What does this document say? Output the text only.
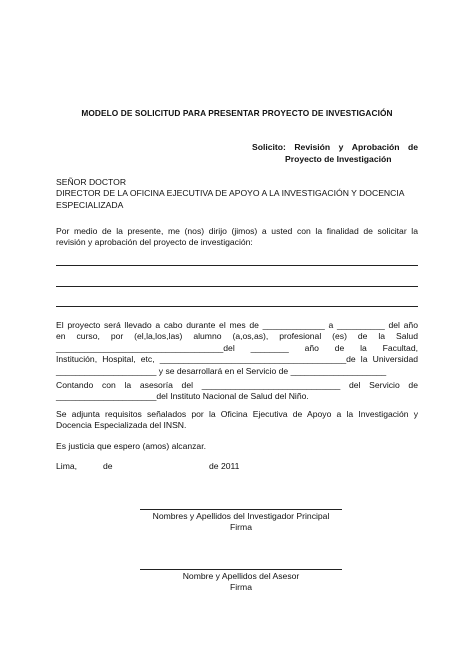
MODELO DE SOLICITUD PARA PRESENTAR PROYECTO DE INVESTIGACIÓN
Solicito: Revisión y Aprobación de
Proyecto de Investigación
SEÑOR DOCTOR
DIRECTOR DE LA OFICINA EJECUTIVA DE APOYO A LA INVESTIGACIÓN Y DOCENCIA
ESPECIALIZADA
Por medio de la presente, me (nos) dirijo (jimos) a usted con la finalidad de solicitar la
revisión y aprobación del proyecto de investigación:
El proyecto será llevado a cabo durante el mes de _____________ a __________ del año
en curso, por (el,la,los,las) alumno (a,os,as), profesional (es) de la Salud
___________________________________del ________ año de la Facultad,
Institución, Hospital, etc, _______________________________________de la Universidad
_____________________ y se desarrollará en el Servicio de ____________________
Contando con la asesoría del _____________________________ del Servicio de
_____________________del Instituto Nacional de Salud del Niño.
Se adjunta requisitos señalados por la Oficina Ejecutiva de Apoyo a la Investigación y
Docencia Especializada del INSN.
Es justicia que espero (amos) alcanzar.
Lima,	de	de 2011
Nombres y Apellidos del Investigador Principal
Firma
Nombre y Apellidos del Asesor
Firma
